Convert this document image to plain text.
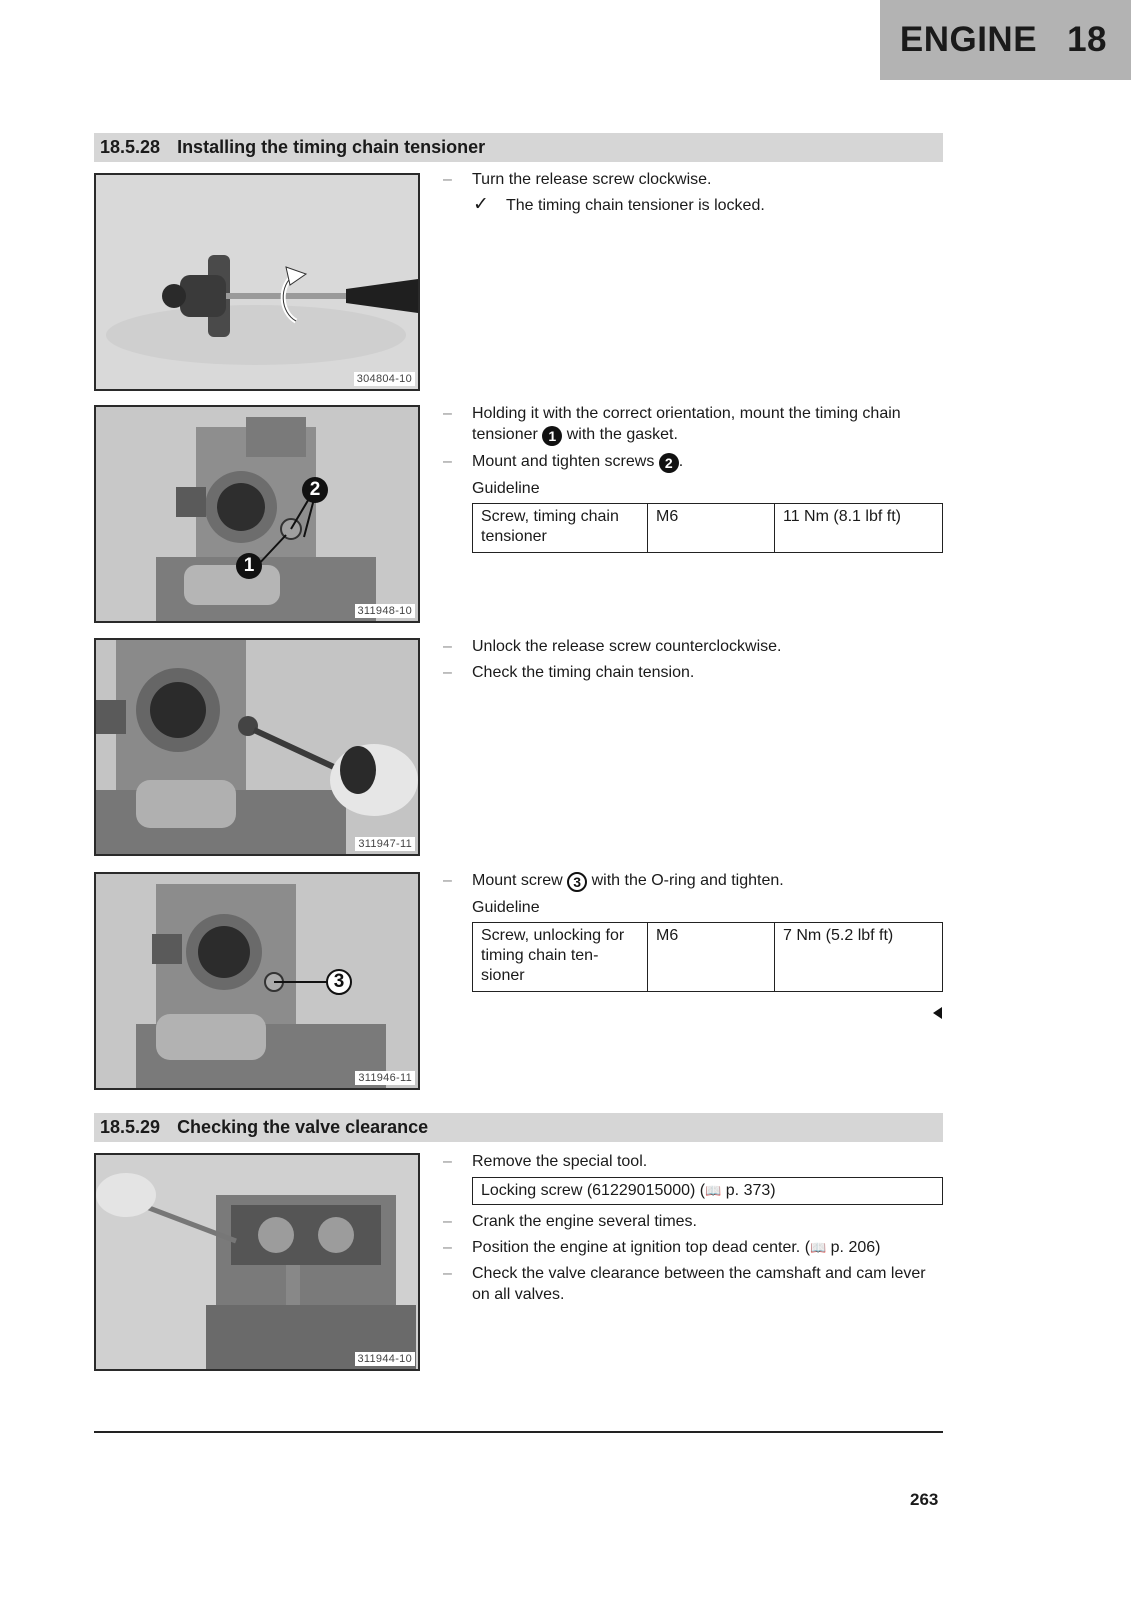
ENGINE 18
18.5.28 Installing the timing chain tensioner
304804-10
2
1
311948-10
311947-11
3
311946-11
– Turn the release screw clockwise.
✓ The timing chain tensioner is locked.
– Holding it with the correct orientation, mount the timing chain tensioner 1 with the gasket.
– Mount and tighten screws 2 .
Guideline
Screw, timing chain tensioner	M6	11 Nm (8.1 lbf ft)
– Unlock the release screw counterclockwise.
– Check the timing chain tension.
– Mount screw 3 with the O-ring and tighten.
Guideline
Screw, unlocking for timing chain ten-sioner	M6	7 Nm (5.2 lbf ft)
18.5.29 Checking the valve clearance
311944-10
– Remove the special tool.
Locking screw (61229015000) (📖 p. 373)
– Crank the engine several times.
– Position the engine at ignition top dead center. (📖 p. 206)
– Check the valve clearance between the camshaft and cam lever on all valves.
263
